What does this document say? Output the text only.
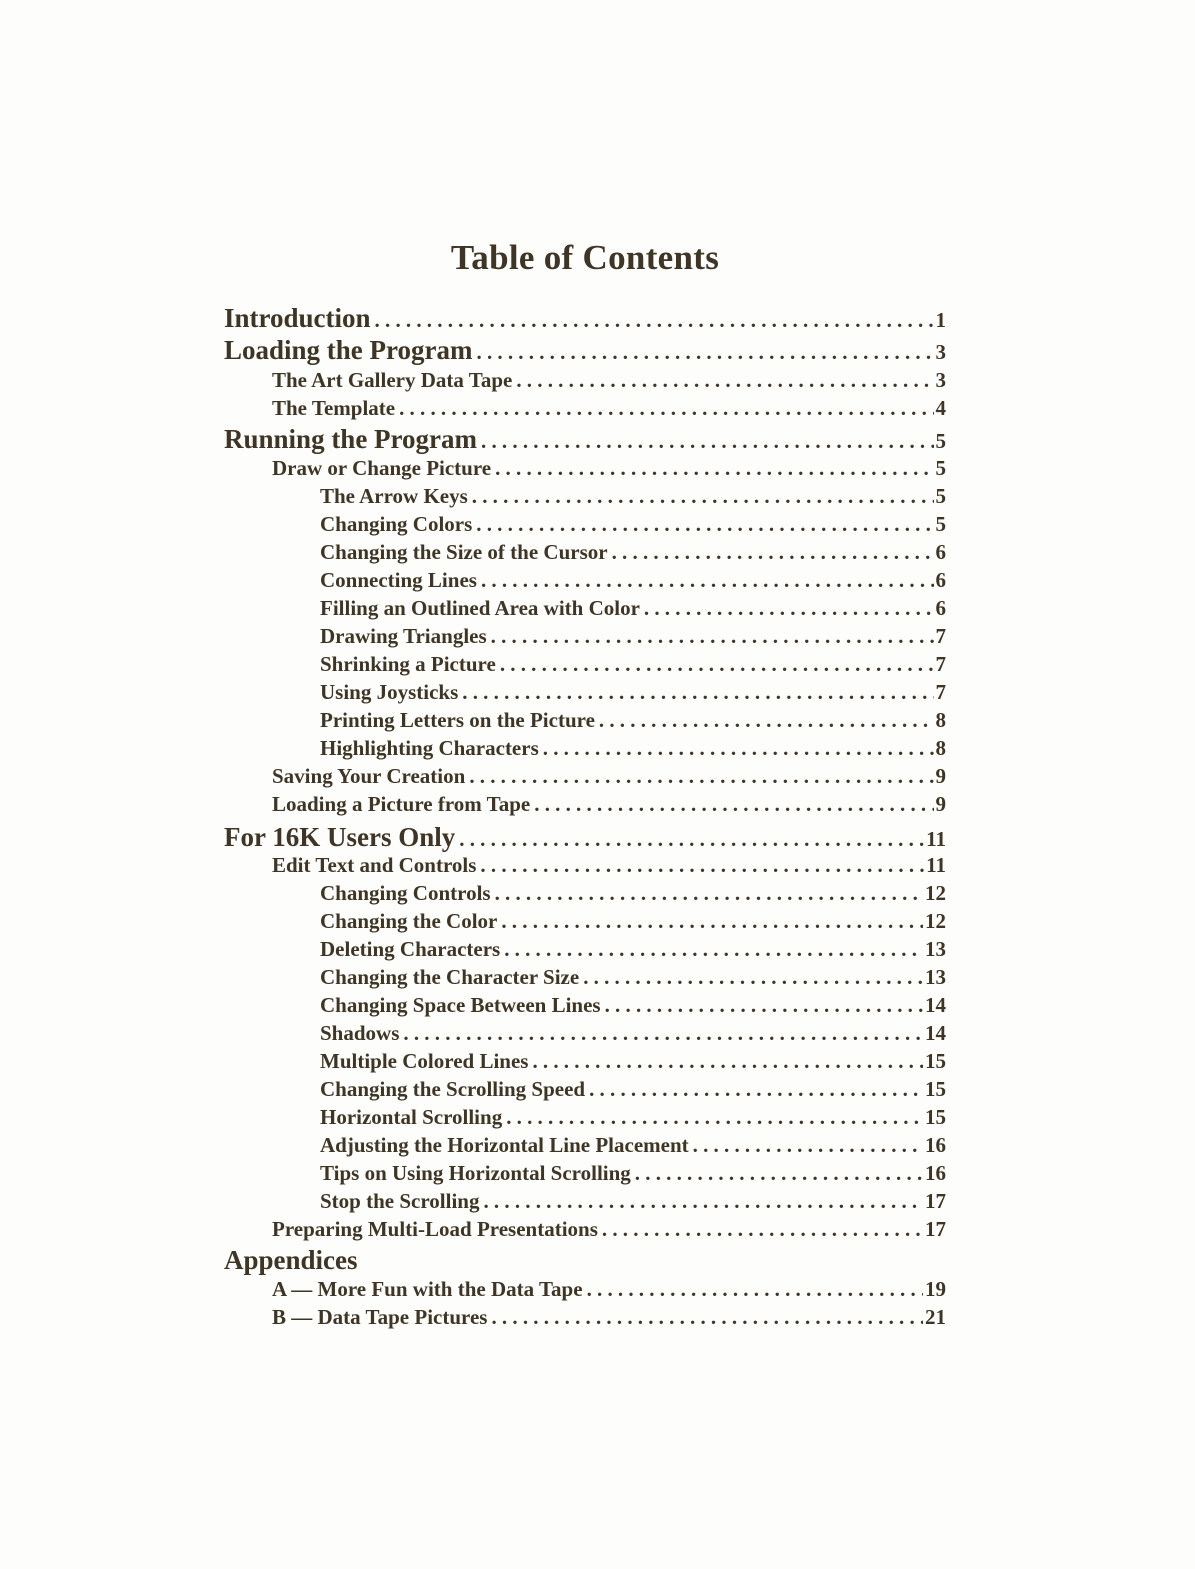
Table of Contents
Introduction .....	1
Loading the Program .....	3
The Art Gallery Data Tape .....	3
The Template .....	4
Running the Program .....	5
Draw or Change Picture .....	5
The Arrow Keys .....	5
Changing Colors .....	5
Changing the Size of the Cursor .....	6
Connecting Lines .....	6
Filling an Outlined Area with Color .....	6
Drawing Triangles .....	7
Shrinking a Picture .....	7
Using Joysticks .....	7
Printing Letters on the Picture .....	8
Highlighting Characters .....	8
Saving Your Creation .....	9
Loading a Picture from Tape .....	9
For 16K Users Only .....	11
Edit Text and Controls .....	11
Changing Controls .....	12
Changing the Color .....	12
Deleting Characters .....	13
Changing the Character Size .....	13
Changing Space Between Lines .....	14
Shadows .....	14
Multiple Colored Lines .....	15
Changing the Scrolling Speed .....	15
Horizontal Scrolling .....	15
Adjusting the Horizontal Line Placement .....	16
Tips on Using Horizontal Scrolling .....	16
Stop the Scrolling .....	17
Preparing Multi-Load Presentations .....	17
Appendices
A — More Fun with the Data Tape .....	19
B — Data Tape Pictures .....	21
